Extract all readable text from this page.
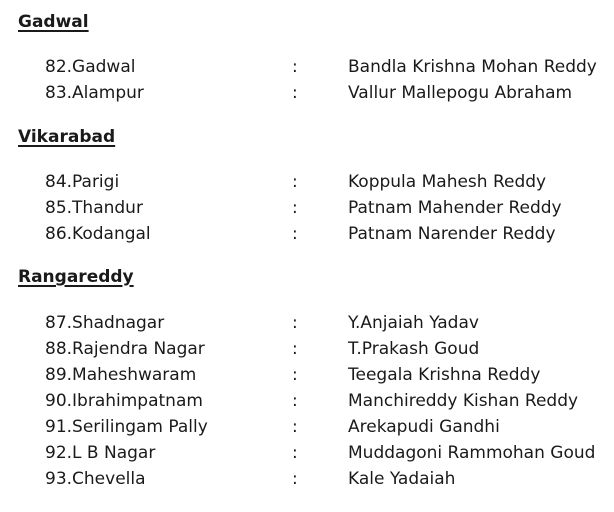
Gadwal
82.Gadwal	:	Bandla Krishna Mohan Reddy
83.Alampur	:	Vallur Mallepogu Abraham
Vikarabad
84.Parigi	:	Koppula Mahesh Reddy
85.Thandur	:	Patnam Mahender Reddy
86.Kodangal	:	Patnam Narender Reddy
Rangareddy
87.Shadnagar	:	Y.Anjaiah Yadav
88.Rajendra Nagar	:	T.Prakash Goud
89.Maheshwaram	:	Teegala Krishna Reddy
90.Ibrahimpatnam	:	Manchireddy Kishan Reddy
91.Serilingam Pally	:	Arekapudi Gandhi
92.L B Nagar	:	Muddagoni Rammohan Goud
93.Chevella	:	Kale Yadaiah
